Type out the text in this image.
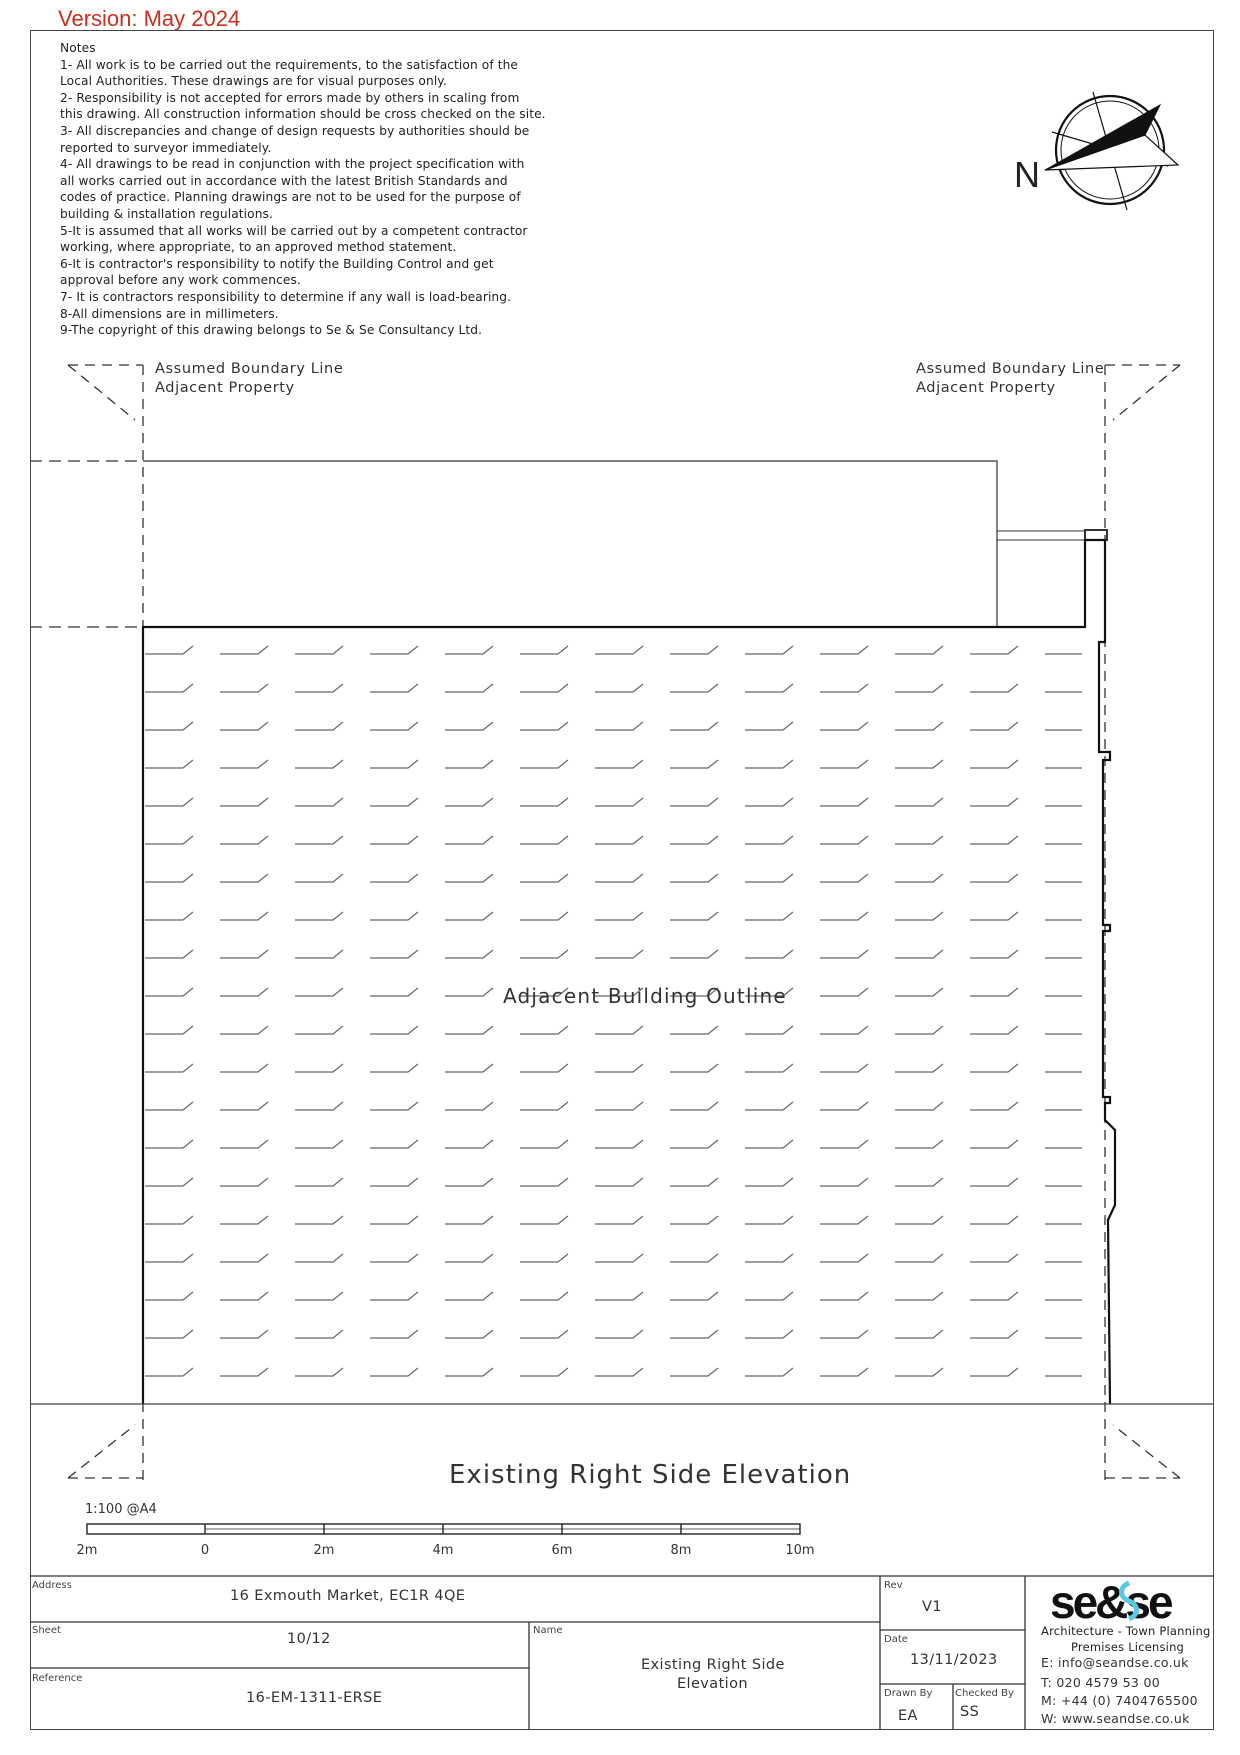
Version: May 2024
Notes
1- All work is to be carried out the requirements, to the satisfaction of the
Local Authorities. These drawings are for visual purposes only.
2- Responsibility is not accepted for errors made by others in scaling from
this drawing. All construction information should be cross checked on the site.
3- All discrepancies and change of design requests by authorities should be
reported to surveyor immediately.
4- All drawings to be read in conjunction with the project specification with
all works carried out in accordance with the latest British Standards and
codes of practice. Planning drawings are not to be used for the purpose of
building & installation regulations.
5-It is assumed that all works will be carried out by a competent contractor
working, where appropriate, to an approved method statement.
6-It is contractor's responsibility to notify the Building Control and get
approval before any work commences.
7- It is contractors responsibility to determine if any wall is load-bearing.
8-All dimensions are in millimeters.
9-The copyright of this drawing belongs to Se & Se Consultancy Ltd.
N
Assumed Boundary Line
Adjacent Property
Assumed Boundary Line
Adjacent Property
Adjacent Building Outline
Existing Right Side Elevation
1:100 @A4
2m	0	2m	4m	6m	8m	10m
Address
16 Exmouth Market, EC1R 4QE
Sheet
10/12
Reference
16-EM-1311-ERSE
Name
Existing Right Side
Elevation
Rev
V1
Date
13/11/2023
Drawn By
EA
Checked By
SS
se&se
Architecture - Town Planning
Premises Licensing
E: info@seandse.co.uk
T: 020 4579 53 00
M: +44 (0) 7404765500
W: www.seandse.co.uk
